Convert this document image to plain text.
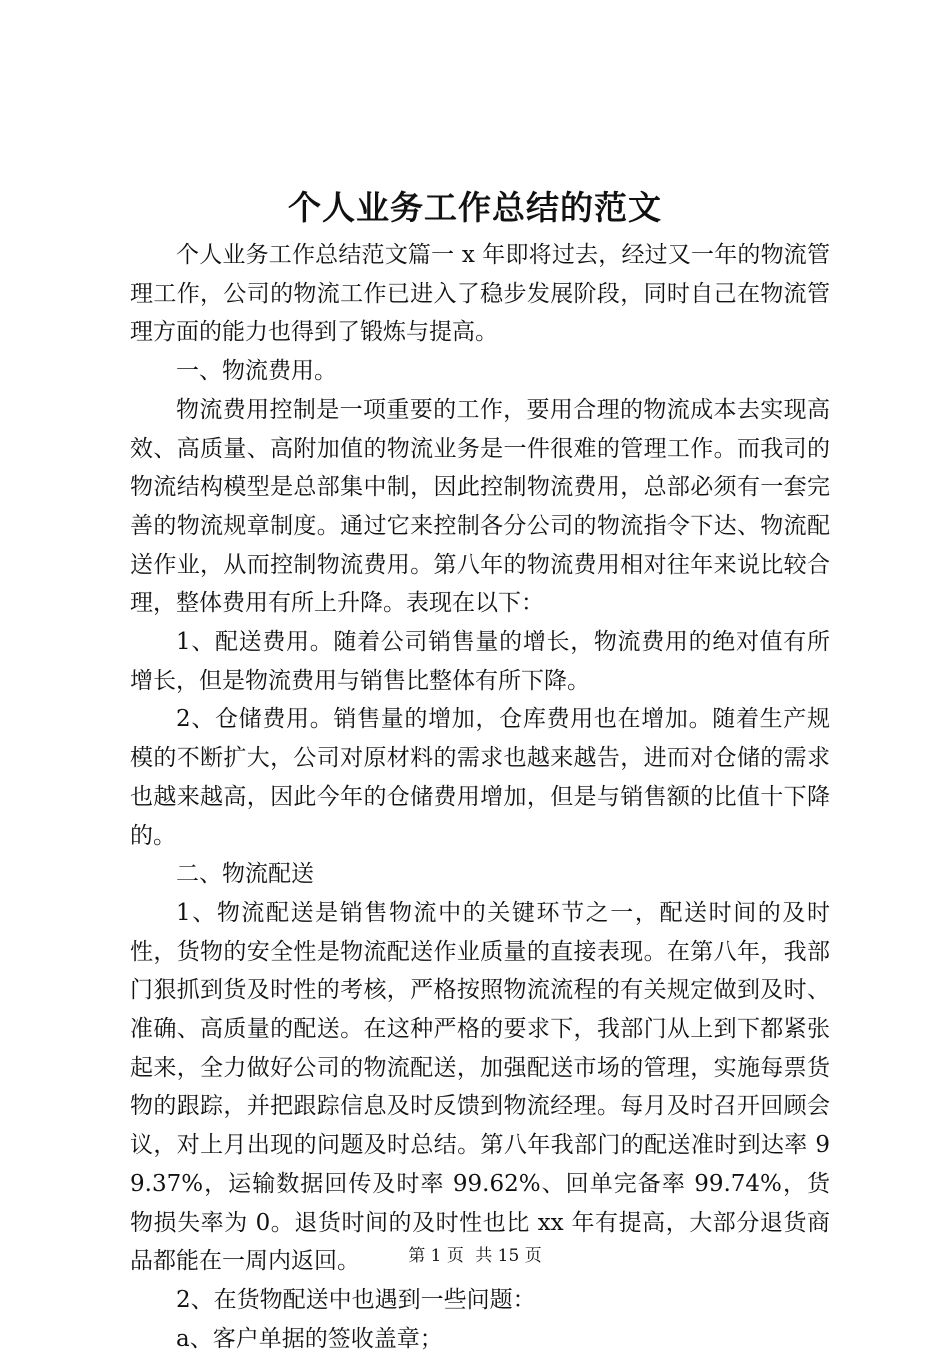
个人业务工作总结的范文

个人业务工作总结范文篇一 x 年即将过去，经过又一年的物流管理工作，公司的物流工作已进入了稳步发展阶段，同时自己在物流管理方面的能力也得到了锻炼与提高。

一、物流费用。

物流费用控制是一项重要的工作，要用合理的物流成本去实现高效、高质量、高附加值的物流业务是一件很难的管理工作。而我司的物流结构模型是总部集中制，因此控制物流费用，总部必须有一套完善的物流规章制度。通过它来控制各分公司的物流指令下达、物流配送作业，从而控制物流费用。第八年的物流费用相对往年来说比较合理，整体费用有所上升降。表现在以下：

1、配送费用。随着公司销售量的增长，物流费用的绝对值有所增长，但是物流费用与销售比整体有所下降。

2、仓储费用。销售量的增加，仓库费用也在增加。随着生产规模的不断扩大，公司对原材料的需求也越来越告，进而对仓储的需求也越来越高，因此今年的仓储费用增加，但是与销售额的比值十下降的。

二、物流配送

1、物流配送是销售物流中的关键环节之一，配送时间的及时性，货物的安全性是物流配送作业质量的直接表现。在第八年，我部门狠抓到货及时性的考核，严格按照物流流程的有关规定做到及时、准确、高质量的配送。在这种严格的要求下，我部门从上到下都紧张起来，全力做好公司的物流配送，加强配送市场的管理，实施每票货物的跟踪，并把跟踪信息及时反馈到物流经理。每月及时召开回顾会议，对上月出现的问题及时总结。第八年我部门的配送准时到达率 99.37%，运输数据回传及时率 99.62%、回单完备率 99.74%，货物损失率为 0。退货时间的及时性也比 xx 年有提高，大部分退货商品都能在一周内返回。

2、在货物配送中也遇到一些问题：

a、客户单据的签收盖章；

第 1 页 共 15 页
